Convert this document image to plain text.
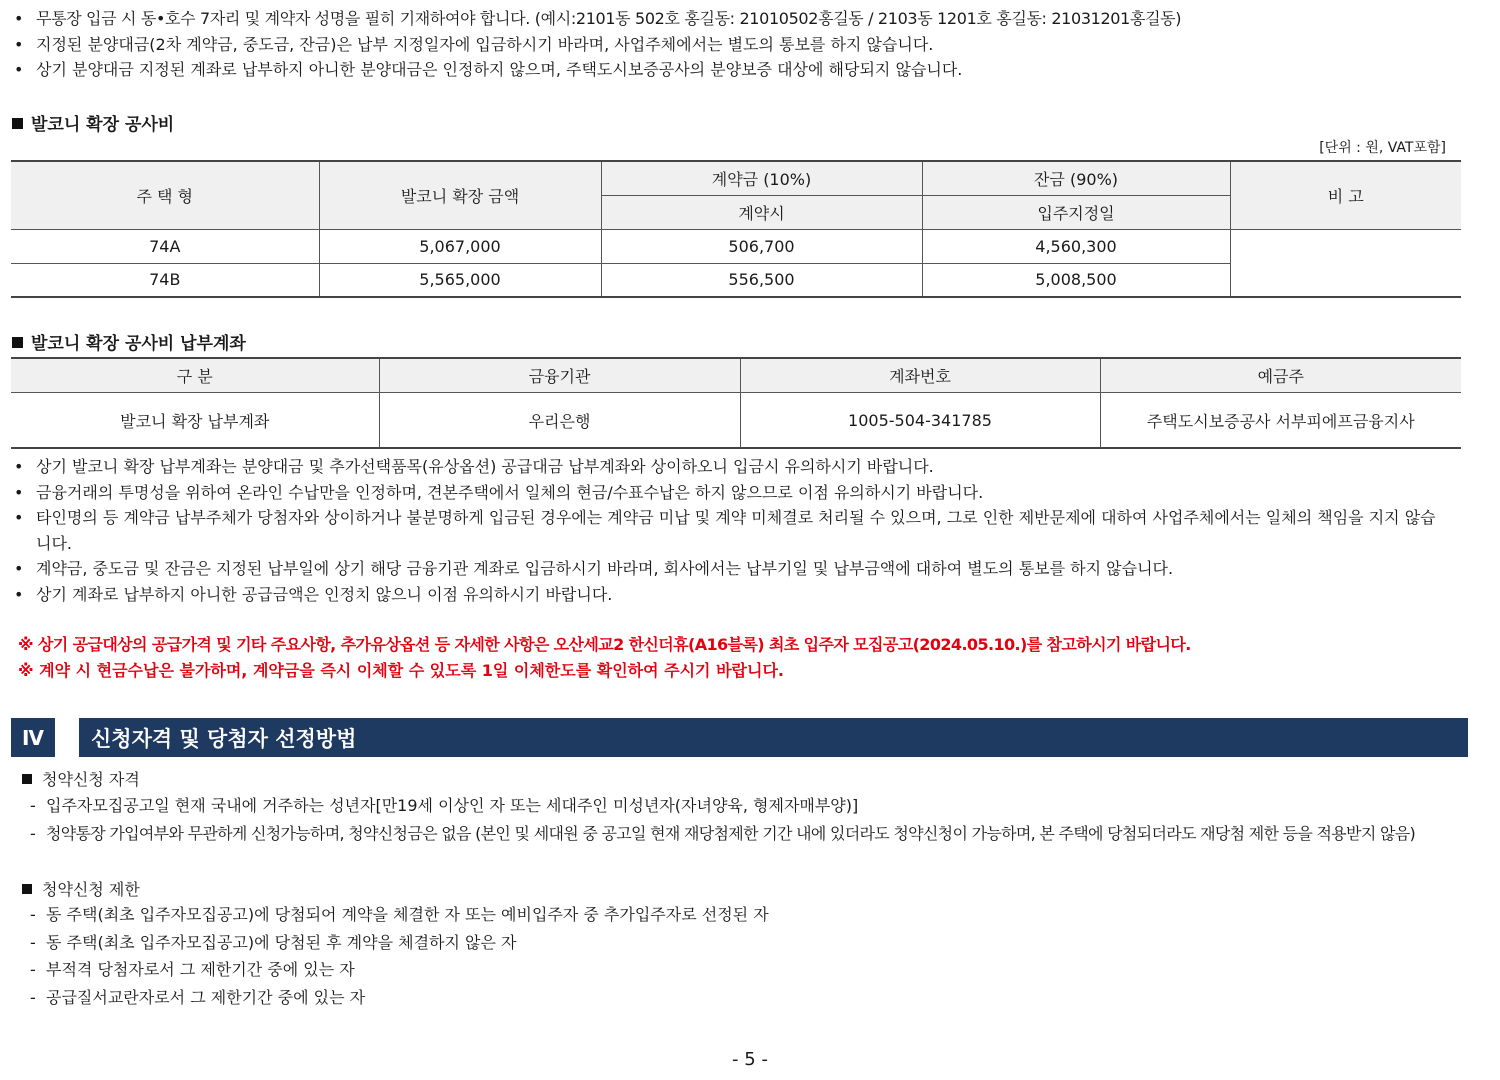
• 무통장 입금 시 동•호수 7자리 및 계약자 성명을 필히 기재하여야 합니다. (예시:2101동 502호 홍길동: 21010502홍길동 / 2103동 1201호 홍길동: 21031201홍길동)
• 지정된 분양대금(2차 계약금, 중도금, 잔금)은 납부 지정일자에 입금하시기 바라며, 사업주체에서는 별도의 통보를 하지 않습니다.
• 상기 분양대금 지정된 계좌로 납부하지 아니한 분양대금은 인정하지 않으며, 주택도시보증공사의 분양보증 대상에 해당되지 않습니다.
발코니 확장 공사비
[단위 : 원, VAT포함]
주 택 형	발코니 확장 금액	계약금 (10%)	잔금 (90%)	비 고
		계약시	입주지정일	
74A	5,067,000	506,700	4,560,300	
74B	5,565,000	556,500	5,008,500	
발코니 확장 공사비 납부계좌
구 분	금융기관	계좌번호	예금주
발코니 확장 납부계좌	우리은행	1005-504-341785	주택도시보증공사 서부피에프금융지사
• 상기 발코니 확장 납부계좌는 분양대금 및 추가선택품목(유상옵션) 공급대금 납부계좌와 상이하오니 입금시 유의하시기 바랍니다.
• 금융거래의 투명성을 위하여 온라인 수납만을 인정하며, 견본주택에서 일체의 현금/수표수납은 하지 않으므로 이점 유의하시기 바랍니다.
• 타인명의 등 계약금 납부주체가 당첨자와 상이하거나 불분명하게 입금된 경우에는 계약금 미납 및 계약 미체결로 처리될 수 있으며, 그로 인한 제반문제에 대하여 사업주체에서는 일체의 책임을 지지 않습니다.
• 계약금, 중도금 및 잔금은 지정된 납부일에 상기 해당 금융기관 계좌로 입금하시기 바라며, 회사에서는 납부기일 및 납부금액에 대하여 별도의 통보를 하지 않습니다.
• 상기 계좌로 납부하지 아니한 공급금액은 인정치 않으니 이점 유의하시기 바랍니다.
※ 상기 공급대상의 공급가격 및 기타 주요사항, 추가유상옵션 등 자세한 사항은 오산세교2 한신더휴(A16블록) 최초 입주자 모집공고(2024.05.10.)를 참고하시기 바랍니다.
※ 계약 시 현금수납은 불가하며, 계약금을 즉시 이체할 수 있도록 1일 이체한도를 확인하여 주시기 바랍니다.
Ⅳ	신청자격 및 당첨자 선정방법
청약신청 자격
- 입주자모집공고일 현재 국내에 거주하는 성년자[만19세 이상인 자 또는 세대주인 미성년자(자녀양육, 형제자매부양)]
- 청약통장 가입여부와 무관하게 신청가능하며, 청약신청금은 없음 (본인 및 세대원 중 공고일 현재 재당첨제한 기간 내에 있더라도 청약신청이 가능하며, 본 주택에 당첨되더라도 재당첨 제한 등을 적용받지 않음)
청약신청 제한
- 동 주택(최초 입주자모집공고)에 당첨되어 계약을 체결한 자 또는 예비입주자 중 추가입주자로 선정된 자
- 동 주택(최초 입주자모집공고)에 당첨된 후 계약을 체결하지 않은 자
- 부적격 당첨자로서 그 제한기간 중에 있는 자
- 공급질서교란자로서 그 제한기간 중에 있는 자
- 5 -
